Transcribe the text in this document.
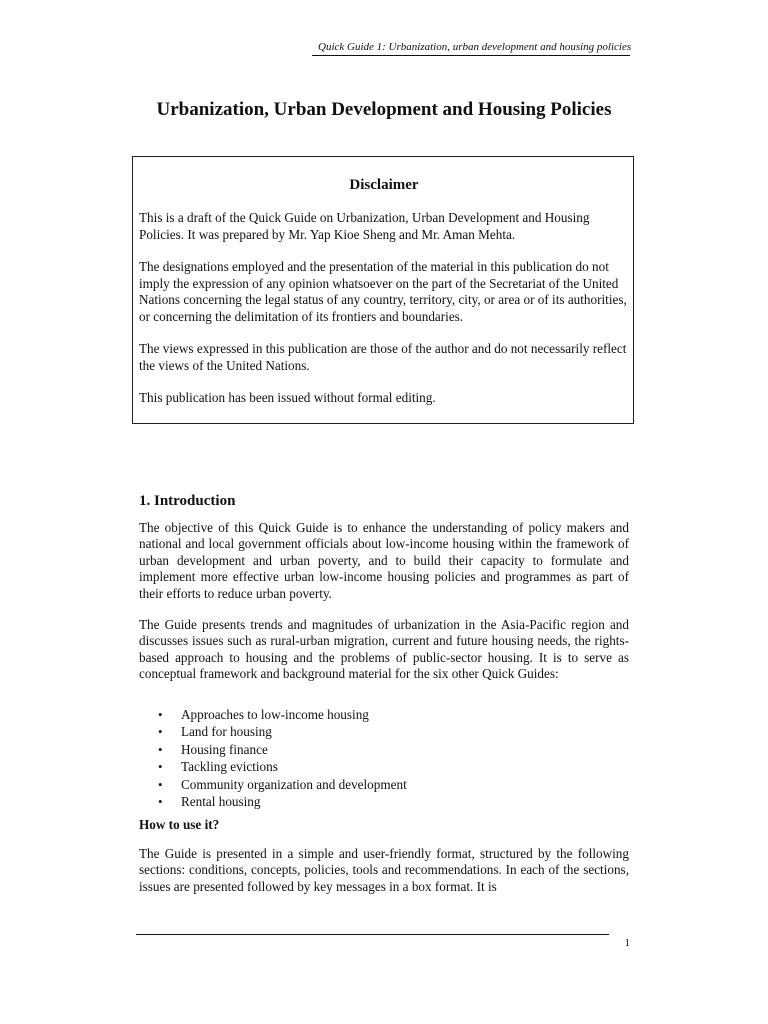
Quick Guide 1: Urbanization, urban development and housing policies
Urbanization, Urban Development and Housing Policies
Disclaimer

This is a draft of the Quick Guide on Urbanization, Urban Development and Housing Policies. It was prepared by Mr. Yap Kioe Sheng and Mr. Aman Mehta.

The designations employed and the presentation of the material in this publication do not imply the expression of any opinion whatsoever on the part of the Secretariat of the United Nations concerning the legal status of any country, territory, city, or area or of its authorities, or concerning the delimitation of its frontiers and boundaries.

The views expressed in this publication are those of the author and do not necessarily reflect the views of the United Nations.

This publication has been issued without formal editing.

1. Introduction

The objective of this Quick Guide is to enhance the understanding of policy makers and national and local government officials about low-income housing within the framework of urban development and urban poverty, and to build their capacity to formulate and implement more effective urban low-income housing policies and programmes as part of their efforts to reduce urban poverty.

The Guide presents trends and magnitudes of urbanization in the Asia-Pacific region and discusses issues such as rural-urban migration, current and future housing needs, the rights-based approach to housing and the problems of public-sector housing. It is to serve as conceptual framework and background material for the six other Quick Guides:

• Approaches to low-income housing
• Land for housing
• Housing finance
• Tackling evictions
• Community organization and development
• Rental housing
How to use it?

The Guide is presented in a simple and user-friendly format, structured by the following sections: conditions, concepts, policies, tools and recommendations. In each of the sections, issues are presented followed by key messages in a box format. It is

1
